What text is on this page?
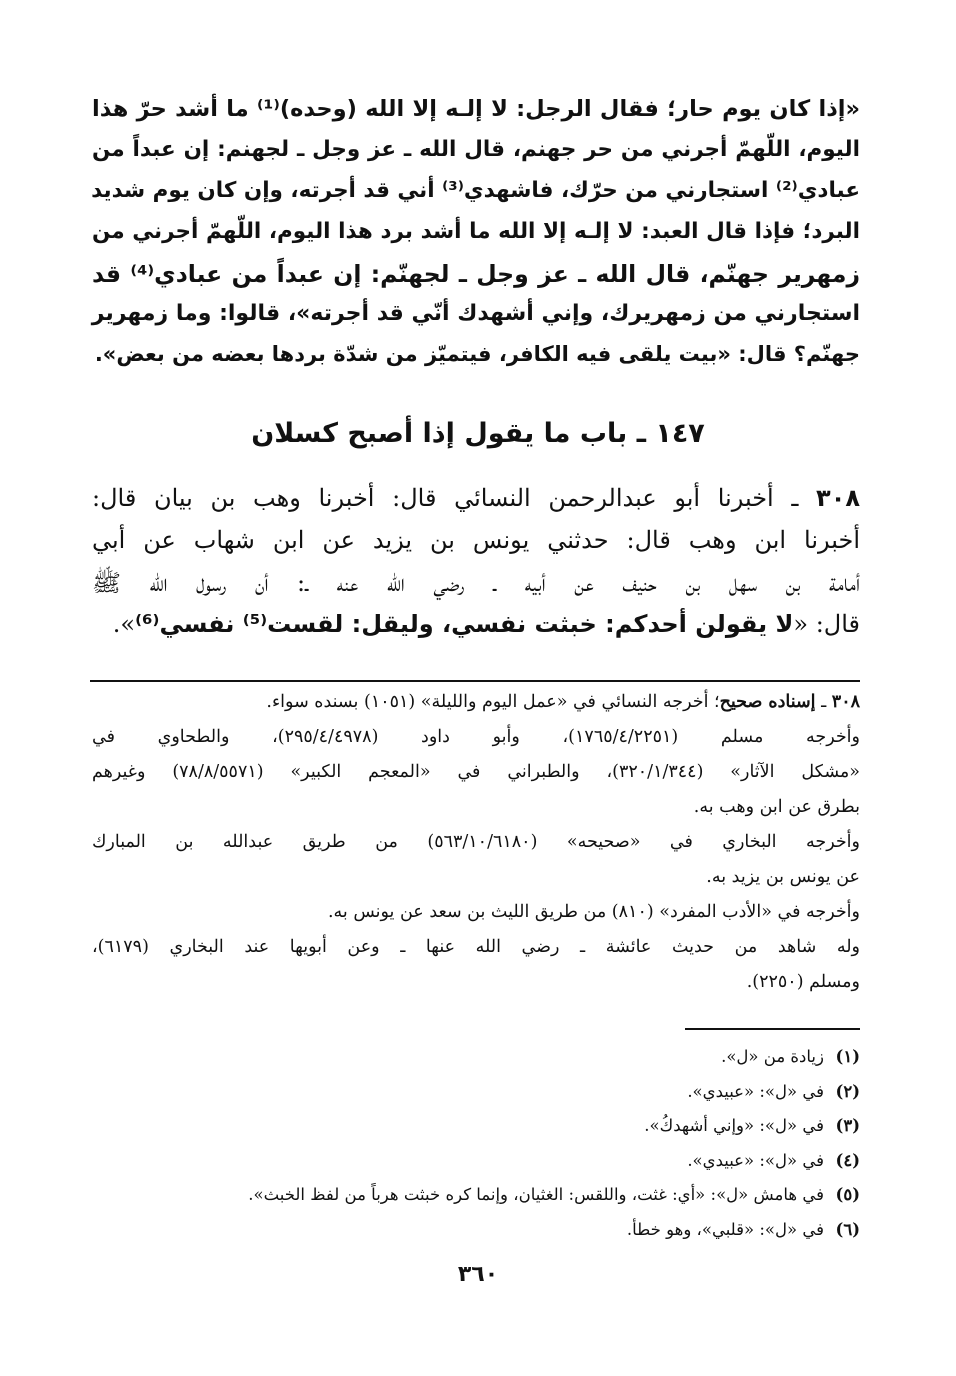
«إذا كان يوم حار؛ فقال الرجل: لا إلـه إلا الله (وحده)⁽¹⁾ ما أشد حرّ هذا
اليوم، اللّهمّ أجرني من حر جهنم، قال الله ـ عز وجل ـ لجهنم: إن عبداً من
عبادي⁽²⁾ استجارني من حرّك، فاشهدي⁽³⁾ أني قد أجرته، وإن كان يوم شديد
البرد؛ فإذا قال العبد: لا إلـه إلا الله ما أشد برد هذا اليوم، اللّهمّ أجرني من
زمهرير جهنّم، قال الله ـ عز وجل ـ لجهنّم: إن عبداً من عبادي⁽⁴⁾ قد
استجارني من زمهريرك، وإني أشهدك أنّي قد أجرته»، قالوا: وما زمهرير
جهنّم؟ قال: «بيت يلقى فيه الكافر، فيتميّز من شدّة بردها بعضه من بعض».
١٤٧ ـ باب ما يقول إذا أصبح كسلان
٣٠٨ ـ أخبرنا أبو عبدالرحمن النسائي قال: أخبرنا وهب بن بيان قال:
أخبرنا ابن وهب قال: حدثني يونس بن يزيد عن ابن شهاب عن أبي
أمامة بن سهل بن حنيف عن أبيه ـ رضي الله عنه ـ: أن رسول الله ﷺ
قال: «لا يقولن أحدكم: خبثت نفسي، وليقل: لقست⁽⁵⁾ نفسي⁽⁶⁾».
٣٠٨ ـ إسناده صحيح؛ أخرجه النسائي في «عمل اليوم والليلة» (١٠٥١) بسنده سواء.
وأخرجه مسلم (١٧٦٥/٤/٢٢٥١)، وأبو داود (٢٩٥/٤/٤٩٧٨)، والطحاوي في
«مشكل الآثار» (٣٢٠/١/٣٤٤)، والطبراني في «المعجم الكبير» (٧٨/٨/٥٥٧١) وغيرهم
بطرق عن ابن وهب به.
وأخرجه البخاري في «صحيحه» (٥٦٣/١٠/٦١٨٠) من طريق عبدالله بن المبارك
عن يونس بن يزيد به.
وأخرجه في «الأدب المفرد» (٨١٠) من طريق الليث بن سعد عن يونس به.
وله شاهد من حديث عائشة ـ رضي الله عنها ـ وعن أبويها عند البخاري (٦١٧٩)،
ومسلم (٢٢٥٠).
(١)زيادة من «ل».
(٢)في «ل»: «عبيدي».
(٣)في «ل»: «وإني أشهدكُ».
(٤)في «ل»: «عبيدي».
(٥)في هامش «ل»: «أي: غثت، واللقس: الغثيان، وإنما كره خبثت هرباً من لفظ الخبث».
(٦)في «ل»: «قلبي»، وهو خطأ.
٣٦٠
